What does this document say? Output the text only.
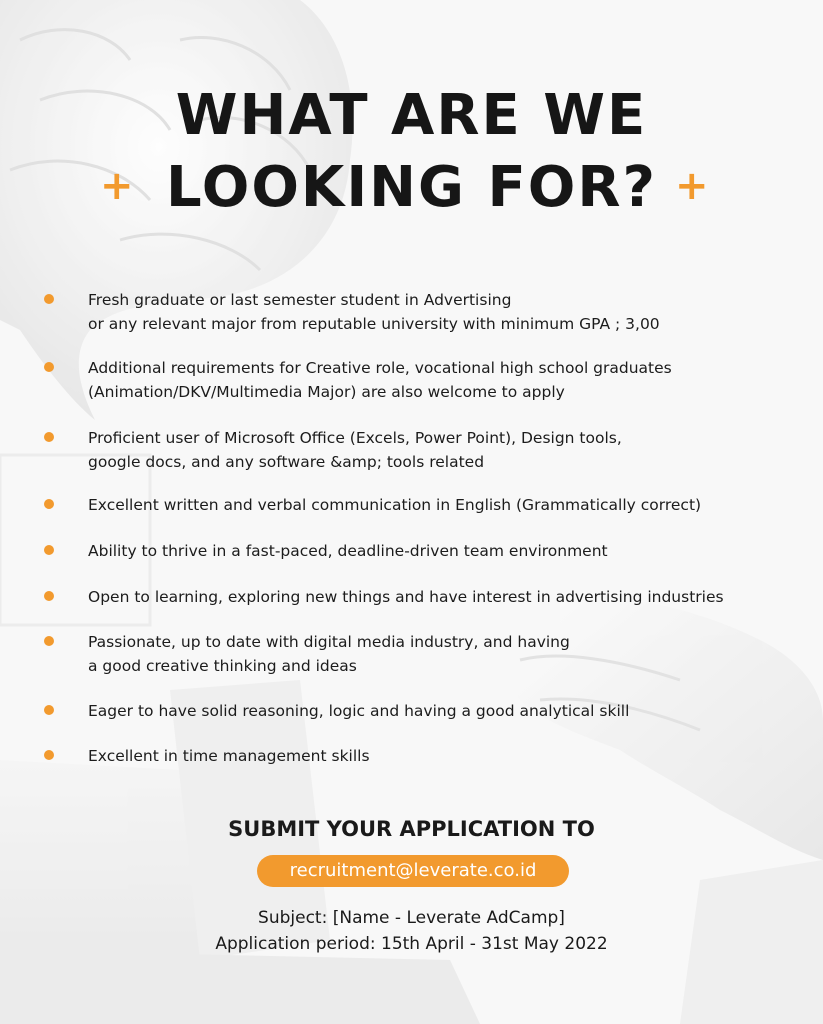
WHAT ARE WE
LOOKING FOR?
+	+
Fresh graduate or last semester student in Advertising
or any relevant major from reputable university with minimum GPA ; 3,00
Additional requirements for Creative role, vocational high school graduates
(Animation/DKV/Multimedia Major) are also welcome to apply
Proficient user of Microsoft Office (Excels, Power Point), Design tools,
google docs, and any software &amp; tools related
Excellent written and verbal communication in English (Grammatically correct)
Ability to thrive in a fast-paced, deadline-driven team environment
Open to learning, exploring new things and have interest in advertising industries
Passionate, up to date with digital media industry, and having
a good creative thinking and ideas
Eager to have solid reasoning, logic and having a good analytical skill
Excellent in time management skills
SUBMIT YOUR APPLICATION TO
recruitment@leverate.co.id
Subject: [Name - Leverate AdCamp]
Application period: 15th April - 31st May 2022
